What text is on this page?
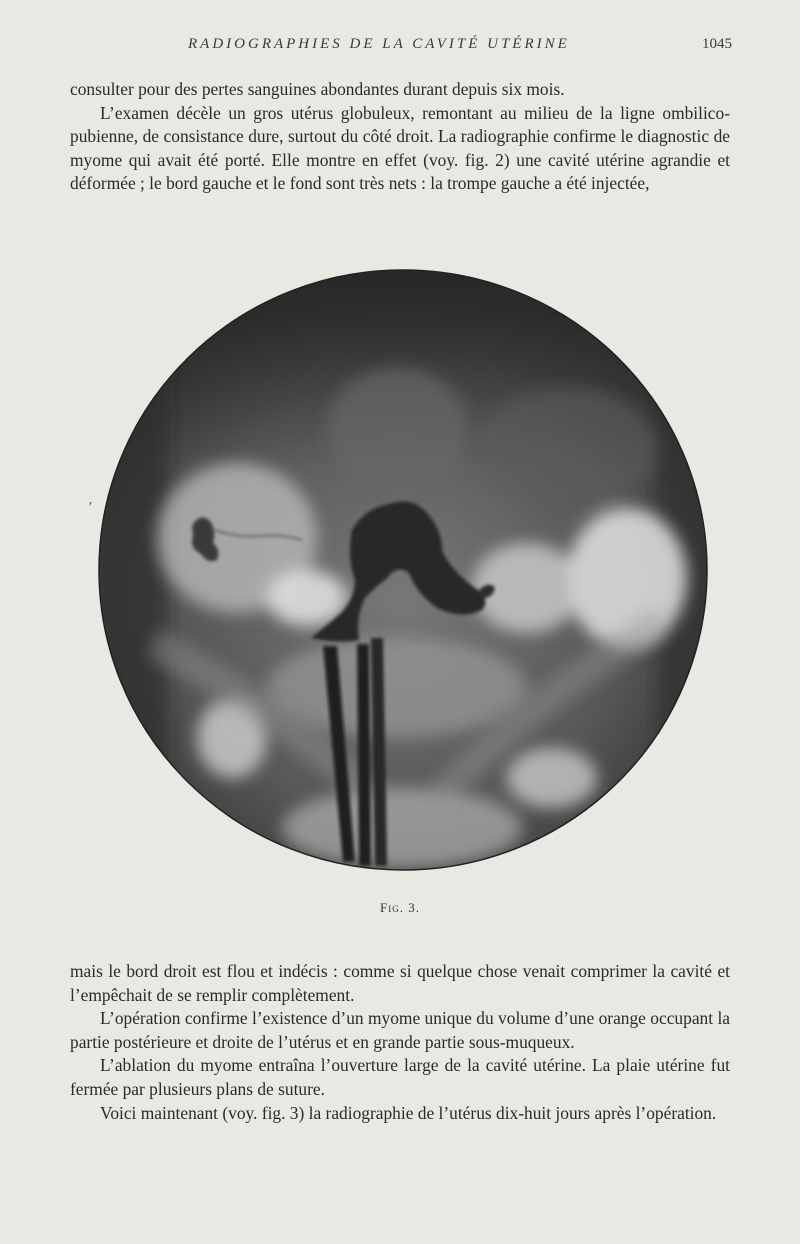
RADIOGRAPHIES DE LA CAVITÉ UTÉRINE	1045

consulter pour des pertes sanguines abondantes durant depuis six mois.

L’examen décèle un gros utérus globuleux, remontant au milieu de la ligne ombilico-pubienne, de consistance dure, surtout du côté droit. La radiographie confirme le diagnostic de myome qui avait été porté. Elle montre en effet (voy. fig. 2) une cavité utérine agrandie et déformée ; le bord gauche et le fond sont très nets : la trompe gauche a été injectée,

’
Fig. 3.

mais le bord droit est flou et indécis : comme si quelque chose venait comprimer la cavité et l’empêchait de se remplir complètement.

L’opération confirme l’existence d’un myome unique du volume d’une orange occupant la partie postérieure et droite de l’utérus et en grande partie sous-muqueux.

L’ablation du myome entraîna l’ouverture large de la cavité utérine. La plaie utérine fut fermée par plusieurs plans de suture.

Voici maintenant (voy. fig. 3) la radiographie de l’utérus dix-huit jours après l’opération.
